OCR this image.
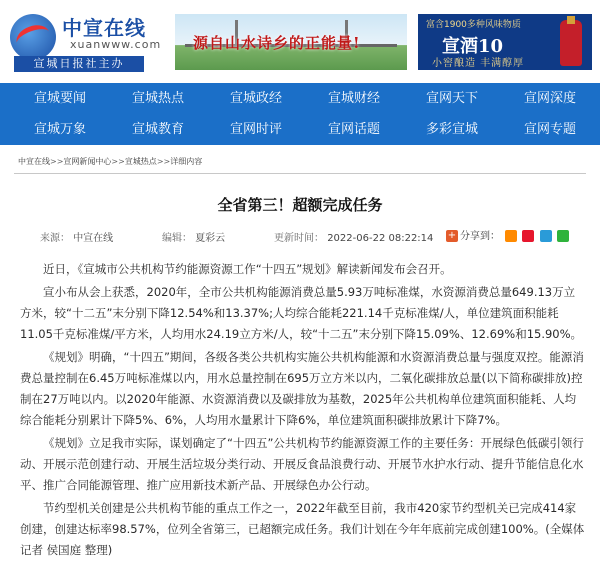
中宣在线
xuanwww.com
宣城日报社主办
源自山水诗乡的正能量!
富含1900多种风味物质
宣酒10
小窖酿造 丰满醇厚
宣城要闻	宣城热点	宣城政经	宣城财经	宣网天下	宣网深度
宣城万象	宣城教育	宣网时评	宣网话题	多彩宣城	宣网专题
中宣在线>>宣网新闻中心>>宣城热点>>详细内容
全省第三！超额完成任务
来源： 中宣在线	编辑： 夏彩云	更新时间： 2022-06-22 08:22:14 + 分享到：

近日，《宣城市公共机构节约能源资源工作“十四五”规划》解读新闻发布会召开。

宣小布从会上获悉，2020年，全市公共机构能源消费总量5.93万吨标准煤，水资源消费总量649.13万立方米，较“十二五”末分别下降12.54%和13.37%;人均综合能耗221.14千克标准煤/人，单位建筑面积能耗11.05千克标准煤/平方米，人均用水24.19立方米/人，较“十二五”末分别下降15.09%、12.69%和15.90%。

《规划》明确，“十四五”期间，各级各类公共机构实施公共机构能源和水资源消费总量与强度双控。能源消费总量控制在6.45万吨标准煤以内，用水总量控制在695万立方米以内，二氧化碳排放总量(以下简称碳排放)控制在27万吨以内。以2020年能源、水资源消费以及碳排放为基数，2025年公共机构单位建筑面积能耗、人均综合能耗分别累计下降5%、6%，人均用水量累计下降6%，单位建筑面积碳排放累计下降7%。

《规划》立足我市实际，谋划确定了“十四五”公共机构节约能源资源工作的主要任务：开展绿色低碳引领行动、开展示范创建行动、开展生活垃圾分类行动、开展反食品浪费行动、开展节水护水行动、提升节能信息化水平、推广合同能源管理、推广应用新技术新产品、开展绿色办公行动。

节约型机关创建是公共机构节能的重点工作之一，2022年截至目前，我市420家节约型机关已完成414家创建，创建达标率98.57%，位列全省第三，已超额完成任务。我们计划在今年年底前完成创建100%。(全媒体记者 侯国庭 整理)
